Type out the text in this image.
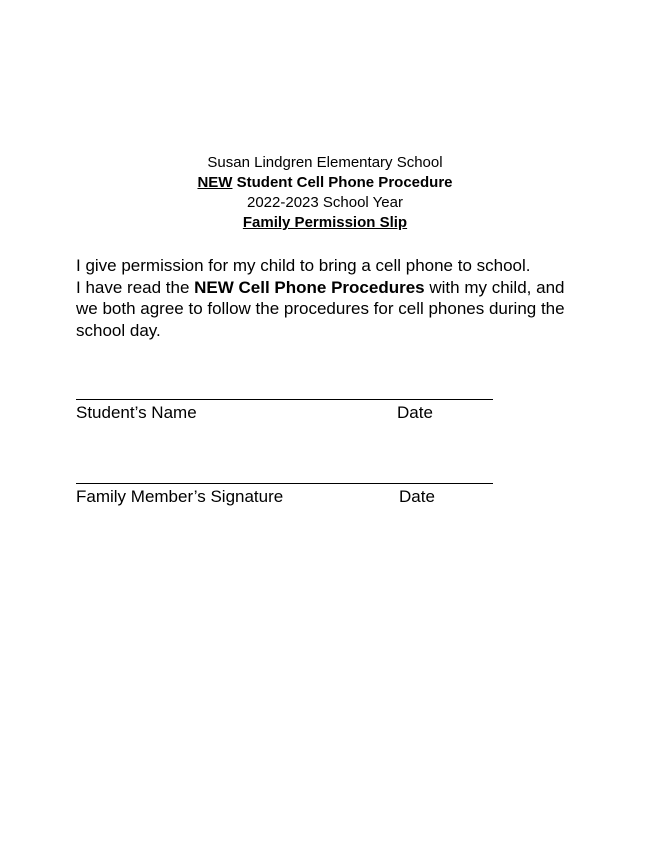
Susan Lindgren Elementary School
NEW Student Cell Phone Procedure
2022-2023 School Year
Family Permission Slip

I give permission for my child to bring a cell phone to school.

I have read the NEW Cell Phone Procedures with my child, and we both agree to follow the procedures for cell phones during the school day.

Student’s Name	Date
Family Member’s Signature	Date
